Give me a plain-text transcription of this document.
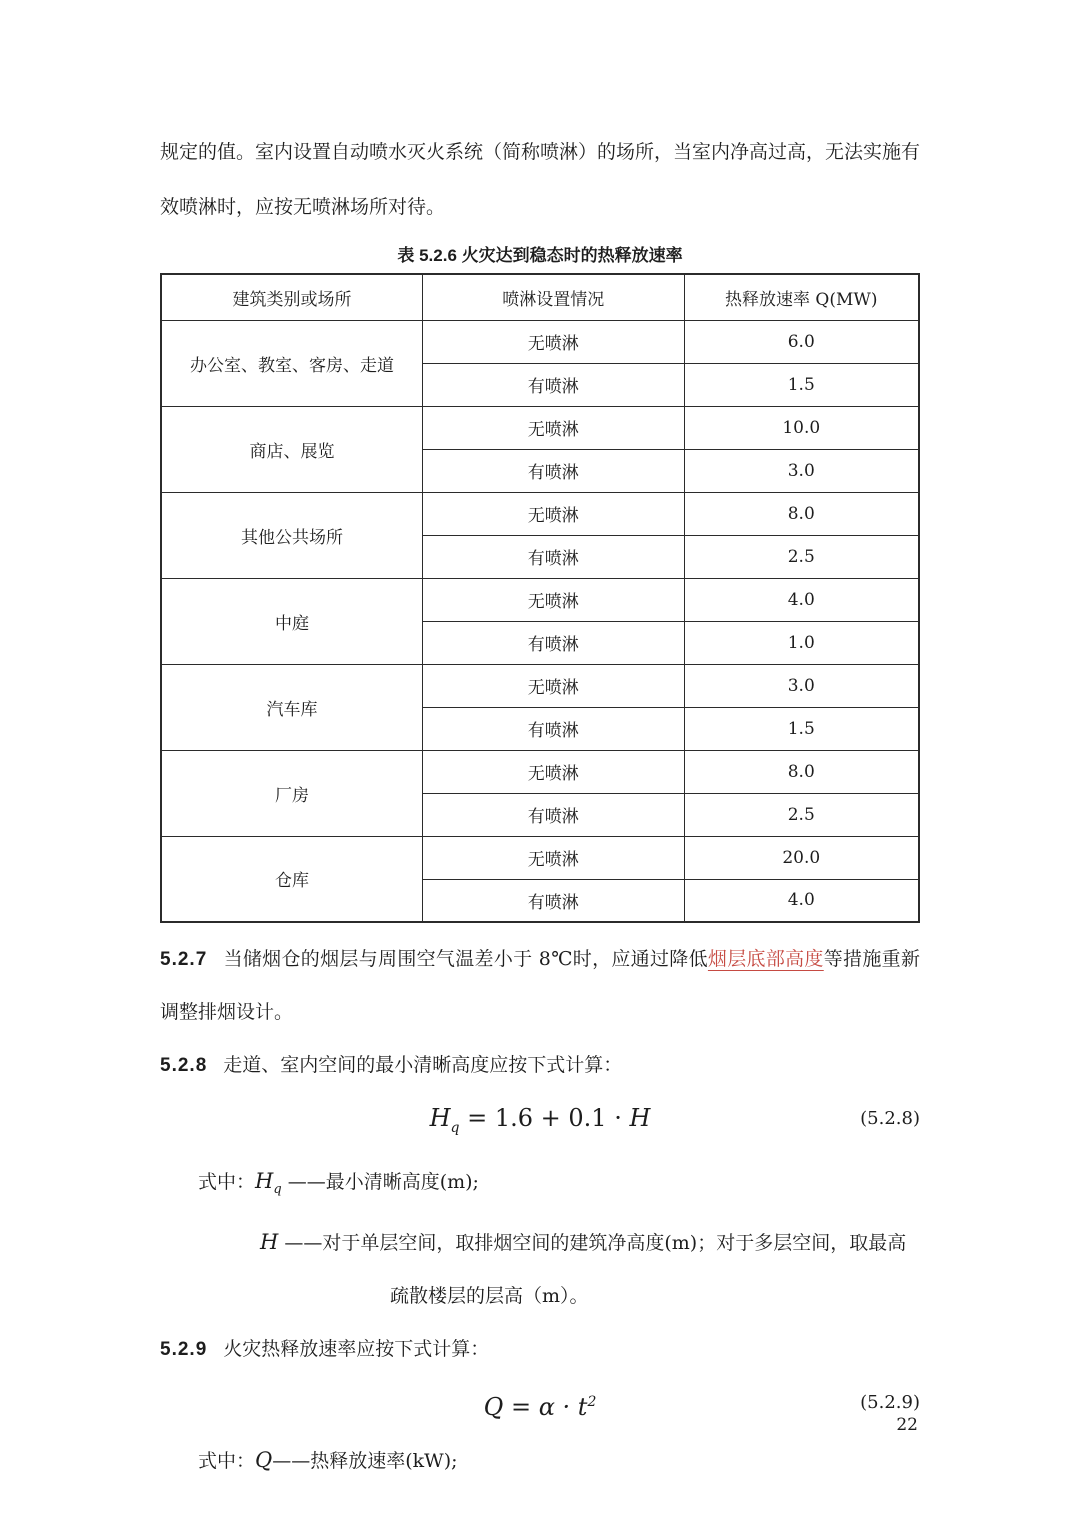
规定的值。室内设置自动喷水灭火系统（简称喷淋）的场所，当室内净高过高，无法实施有效喷淋时，应按无喷淋场所对待。

表 5.2.6 火灾达到稳态时的热释放速率
建筑类别或场所	喷淋设置情况	热释放速率 Q(MW)
办公室、教室、客房、走道	无喷淋	6.0
	有喷淋	1.5
商店、展览	无喷淋	10.0
	有喷淋	3.0
其他公共场所	无喷淋	8.0
	有喷淋	2.5
中庭	无喷淋	4.0
	有喷淋	1.0
汽车库	无喷淋	3.0
	有喷淋	1.5
厂房	无喷淋	8.0
	有喷淋	2.5
仓库	无喷淋	20.0
	有喷淋	4.0
5.2.7 当储烟仓的烟层与周围空气温差小于 8℃时，应通过降低烟层底部高度等措施重新调整排烟设计。
5.2.8 走道、室内空间的最小清晰高度应按下式计算：
$H_q = 1.6 + 0.1 \cdot H$	(5.2.8)
式中：$H_q$ ——最小清晰高度(m);
H ——对于单层空间，取排烟空间的建筑净高度(m)；对于多层空间，取最高
疏散楼层的层高（m）。
5.2.9 火灾热释放速率应按下式计算：
$Q = \alpha \cdot t^2$	(5.2.9)
式中：Q——热释放速率(kW);
22
